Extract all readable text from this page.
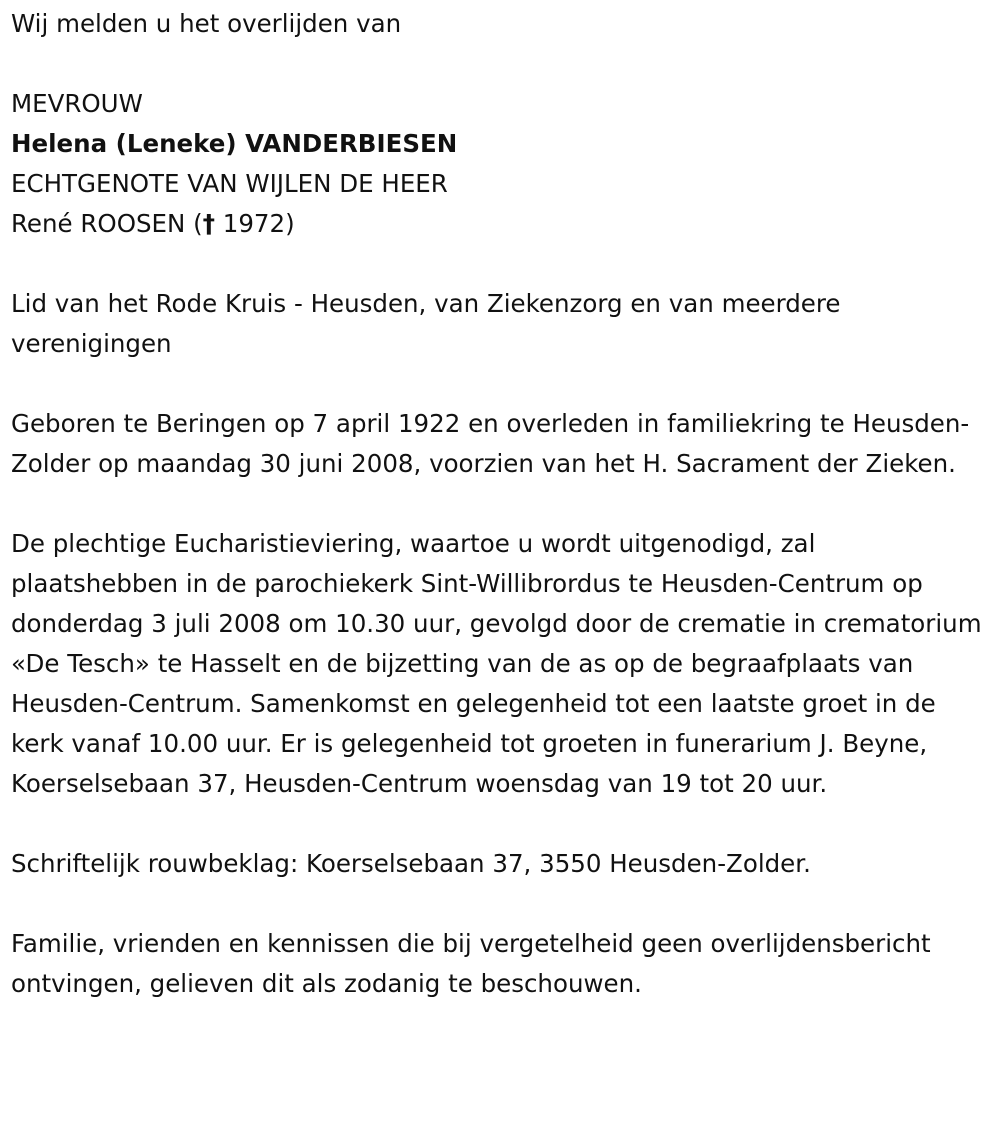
Wij melden u het overlijden van

MEVROUW

Helena (Leneke) VANDERBIESEN

ECHTGENOTE VAN WIJLEN DE HEER

René ROOSEN († 1972)

Lid van het Rode Kruis - Heusden, van Ziekenzorg en van meerdere verenigingen

Geboren te Beringen op 7 april 1922 en overleden in familiekring te Heusden-Zolder op maandag 30 juni 2008, voorzien van het H. Sacrament der Zieken.

De plechtige Eucharistieviering, waartoe u wordt uitgenodigd, zal plaatshebben in de parochiekerk Sint-Willibrordus te Heusden-Centrum op donderdag 3 juli 2008 om 10.30 uur, gevolgd door de crematie in crematorium «De Tesch» te Hasselt en de bijzetting van de as op de begraafplaats van Heusden-Centrum. Samenkomst en gelegenheid tot een laatste groet in de kerk vanaf 10.00 uur. Er is gelegenheid tot groeten in funerarium J. Beyne, Koerselsebaan 37, Heusden-Centrum woensdag van 19 tot 20 uur.

Schriftelijk rouwbeklag: Koerselsebaan 37, 3550 Heusden-Zolder.

Familie, vrienden en kennissen die bij vergetelheid geen overlijdensbericht ontvingen, gelieven dit als zodanig te beschouwen.
